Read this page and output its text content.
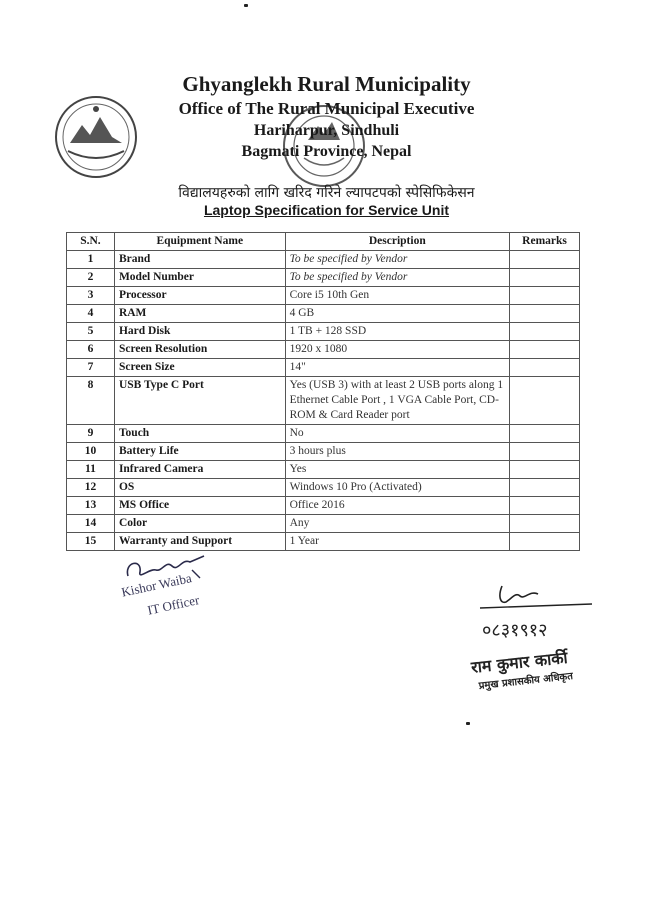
Ghyanglekh Rural Municipality
Office of The Rural Municipal Executive
Hariharpur, Sindhuli
Bagmati Province, Nepal
विद्यालयहरुको लागि खरिद गरिने ल्यापटपको स्पेसिफिकेसन
Laptop Specification for Service Unit
S.N.	Equipment Name	Description	Remarks
1	Brand	To be specified by Vendor	
2	Model Number	To be specified by Vendor	
3	Processor	Core i5 10th Gen	
4	RAM	4 GB	
5	Hard Disk	1 TB + 128 SSD	
6	Screen Resolution	1920 x 1080	
7	Screen Size	14"	
8	USB Type C Port	Yes (USB 3) with at least 2 USB ports along 1 Ethernet Cable Port , 1 VGA Cable Port, CD-ROM & Card Reader port	
9	Touch	No	
10	Battery Life	3 hours plus	
11	Infrared Camera	Yes	
12	OS	Windows 10 Pro (Activated)	
13	MS Office	Office 2016	
14	Color	Any	
15	Warranty and Support	1 Year	
Kishor Waiba
IT Officer
०८३१९१२
राम कुमार कार्की
प्रमुख प्रशासकीय अधिकृत
